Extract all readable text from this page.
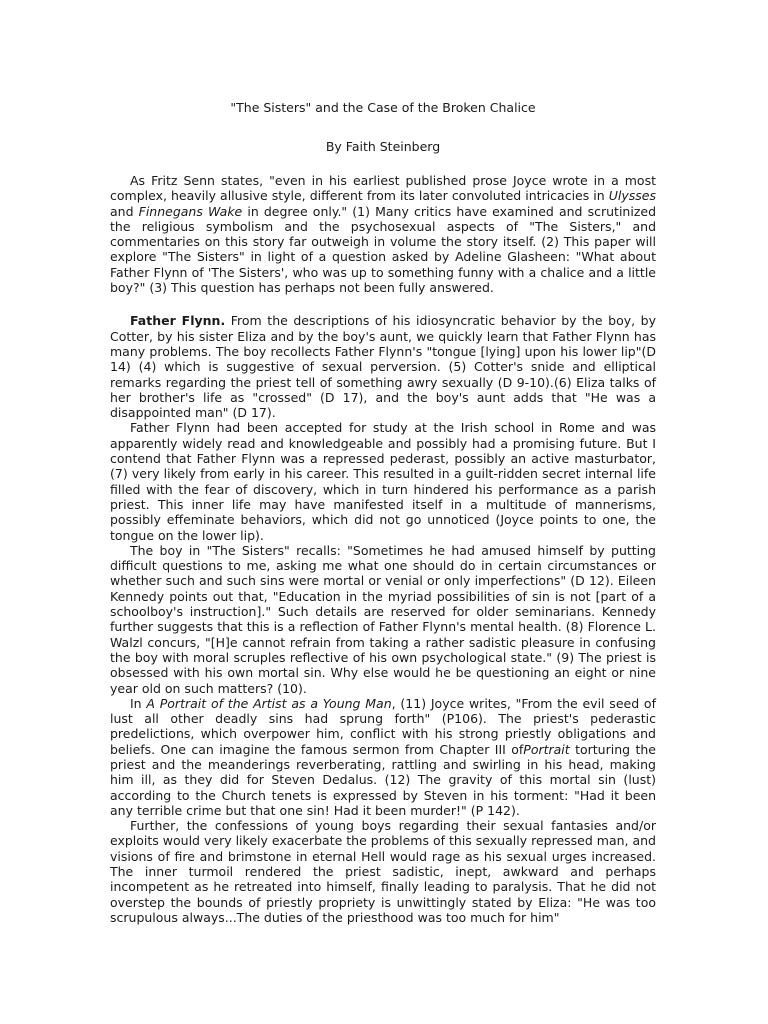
"The Sisters" and the Case of the Broken Chalice

By Faith Steinberg

As Fritz Senn states, "even in his earliest published prose Joyce wrote in a most complex, heavily allusive style, different from its later convoluted intricacies in Ulysses and Finnegans Wake in degree only." (1) Many critics have examined and scrutinized the religious symbolism and the psychosexual aspects of "The Sisters," and commentaries on this story far outweigh in volume the story itself. (2) This paper will explore "The Sisters" in light of a question asked by Adeline Glasheen: "What about Father Flynn of 'The Sisters', who was up to something funny with a chalice and a little boy?" (3) This question has perhaps not been fully answered.

Father Flynn. From the descriptions of his idiosyncratic behavior by the boy, by Cotter, by his sister Eliza and by the boy's aunt, we quickly learn that Father Flynn has many problems. The boy recollects Father Flynn's "tongue [lying] upon his lower lip"(D 14) (4) which is suggestive of sexual perversion. (5) Cotter's snide and elliptical remarks regarding the priest tell of something awry sexually (D 9-10).(6) Eliza talks of her brother's life as "crossed" (D 17), and the boy's aunt adds that "He was a disappointed man" (D 17).

Father Flynn had been accepted for study at the Irish school in Rome and was apparently widely read and knowledgeable and possibly had a promising future. But I contend that Father Flynn was a repressed pederast, possibly an active masturbator, (7) very likely from early in his career. This resulted in a guilt-ridden secret internal life filled with the fear of discovery, which in turn hindered his performance as a parish priest. This inner life may have manifested itself in a multitude of mannerisms, possibly effeminate behaviors, which did not go unnoticed (Joyce points to one, the tongue on the lower lip).

The boy in "The Sisters" recalls: "Sometimes he had amused himself by putting difficult questions to me, asking me what one should do in certain circumstances or whether such and such sins were mortal or venial or only imperfections" (D 12). Eileen Kennedy points out that, "Education in the myriad possibilities of sin is not [part of a schoolboy's instruction]." Such details are reserved for older seminarians. Kennedy further suggests that this is a reflection of Father Flynn's mental health. (8) Florence L. Walzl concurs, "[H]e cannot refrain from taking a rather sadistic pleasure in confusing the boy with moral scruples reflective of his own psychological state." (9) The priest is obsessed with his own mortal sin. Why else would he be questioning an eight or nine year old on such matters? (10).

In A Portrait of the Artist as a Young Man, (11) Joyce writes, "From the evil seed of lust all other deadly sins had sprung forth" (P106). The priest's pederastic predelictions, which overpower him, conflict with his strong priestly obligations and beliefs. One can imagine the famous sermon from Chapter III ofPortrait torturing the priest and the meanderings reverberating, rattling and swirling in his head, making him ill, as they did for Steven Dedalus. (12) The gravity of this mortal sin (lust) according to the Church tenets is expressed by Steven in his torment: "Had it been any terrible crime but that one sin! Had it been murder!" (P 142).

Further, the confessions of young boys regarding their sexual fantasies and/or exploits would very likely exacerbate the problems of this sexually repressed man, and visions of fire and brimstone in eternal Hell would rage as his sexual urges increased. The inner turmoil rendered the priest sadistic, inept, awkward and perhaps incompetent as he retreated into himself, finally leading to paralysis. That he did not overstep the bounds of priestly propriety is unwittingly stated by Eliza: "He was too scrupulous always...The duties of the priesthood was too much for him"
